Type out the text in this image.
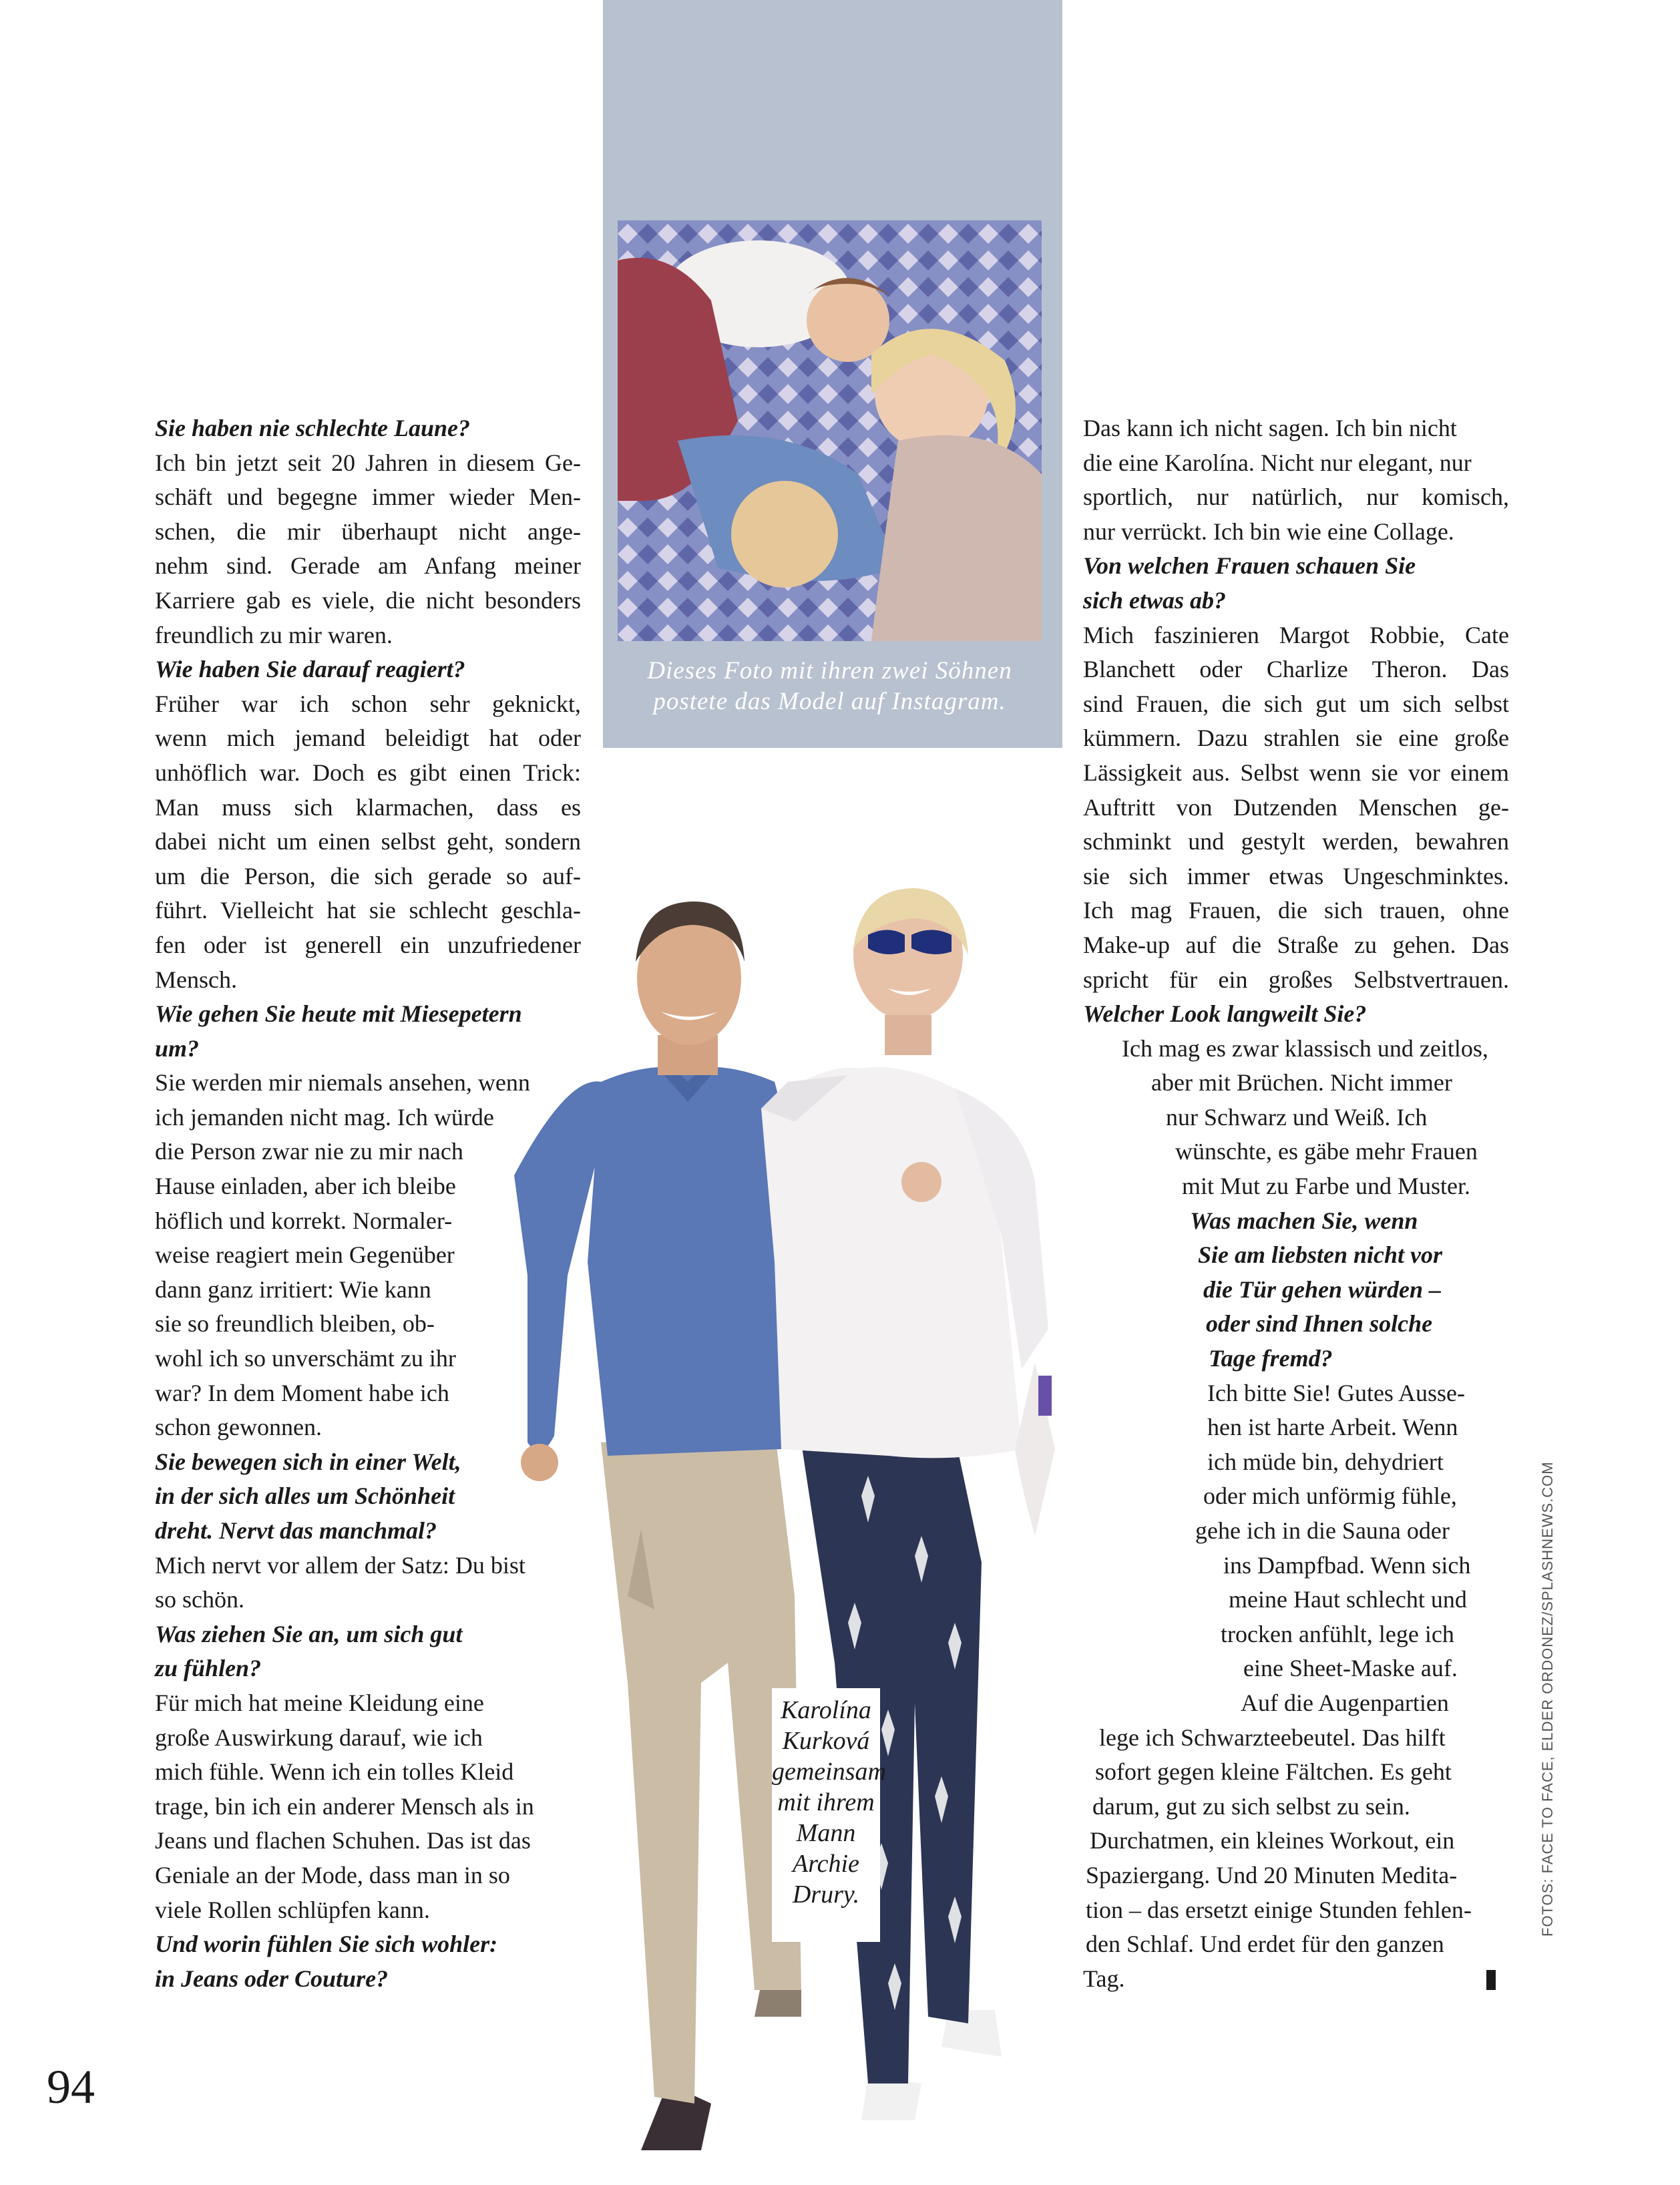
Dieses Foto mit ihren zwei Söhnen
postete das Model auf Instagram.
Sie haben nie schlechte Laune?
Ich bin jetzt seit 20 Jahren in diesem Ge-
schäft und begegne immer wieder Men-
schen, die mir überhaupt nicht ange-
nehm sind. Gerade am Anfang meiner
Karriere gab es viele, die nicht besonders
freundlich zu mir waren.
Wie haben Sie darauf reagiert?
Früher war ich schon sehr geknickt,
wenn mich jemand beleidigt hat oder
unhöflich war. Doch es gibt einen Trick:
Man muss sich klarmachen, dass es
dabei nicht um einen selbst geht, sondern
um die Person, die sich gerade so auf-
führt. Vielleicht hat sie schlecht geschla-
fen oder ist generell ein unzufriedener
Mensch.
Wie gehen Sie heute mit Miesepetern
um?
Sie werden mir niemals ansehen, wenn
ich jemanden nicht mag. Ich würde
die Person zwar nie zu mir nach
Hause einladen, aber ich bleibe
höflich und korrekt. Normaler-
weise reagiert mein Gegenüber
dann ganz irritiert: Wie kann
sie so freundlich bleiben, ob-
wohl ich so unverschämt zu ihr
war? In dem Moment habe ich
schon gewonnen.
Sie bewegen sich in einer Welt,
in der sich alles um Schönheit
dreht. Nervt das manchmal?
Mich nervt vor allem der Satz: Du bist
so schön.
Was ziehen Sie an, um sich gut
zu fühlen?
Für mich hat meine Kleidung eine
große Auswirkung darauf, wie ich
mich fühle. Wenn ich ein tolles Kleid
trage, bin ich ein anderer Mensch als in
Jeans und flachen Schuhen. Das ist das
Geniale an der Mode, dass man in so
viele Rollen schlüpfen kann.
Und worin fühlen Sie sich wohler:
in Jeans oder Couture?
Das kann ich nicht sagen. Ich bin nicht
die eine Karolína. Nicht nur elegant, nur
sportlich, nur natürlich, nur komisch,
nur verrückt. Ich bin wie eine Collage.
Von welchen Frauen schauen Sie
sich etwas ab?
Mich faszinieren Margot Robbie, Cate
Blanchett oder Charlize Theron. Das
sind Frauen, die sich gut um sich selbst
kümmern. Dazu strahlen sie eine große
Lässigkeit aus. Selbst wenn sie vor einem
Auftritt von Dutzenden Menschen ge-
schminkt und gestylt werden, bewahren
sie sich immer etwas Ungeschminktes.
Ich mag Frauen, die sich trauen, ohne
Make-up auf die Straße zu gehen. Das
spricht für ein großes Selbstvertrauen.
Welcher Look langweilt Sie?
Ich mag es zwar klassisch und zeitlos,
aber mit Brüchen. Nicht immer
nur Schwarz und Weiß. Ich
wünschte, es gäbe mehr Frauen
mit Mut zu Farbe und Muster.
Was machen Sie, wenn
Sie am liebsten nicht vor
die Tür gehen würden –
oder sind Ihnen solche
Tage fremd?
Ich bitte Sie! Gutes Ausse-
hen ist harte Arbeit. Wenn
ich müde bin, dehydriert
oder mich unförmig fühle,
gehe ich in die Sauna oder
ins Dampfbad. Wenn sich
meine Haut schlecht und
trocken anfühlt, lege ich
eine Sheet-Maske auf.
Auf die Augenpartien
lege ich Schwarzteebeutel. Das hilft
sofort gegen kleine Fältchen. Es geht
darum, gut zu sich selbst zu sein.
Durchatmen, ein kleines Workout, ein
Spaziergang. Und 20 Minuten Medita-
tion – das ersetzt einige Stunden fehlen-
den Schlaf. Und erdet für den ganzen
Tag.
Karolína
Kurková
gemeinsam
mit ihrem
Mann
Archie
Drury.
94
FOTOS: FACE TO FACE, ELDER ORDONEZ/SPLASHNEWS.COM
